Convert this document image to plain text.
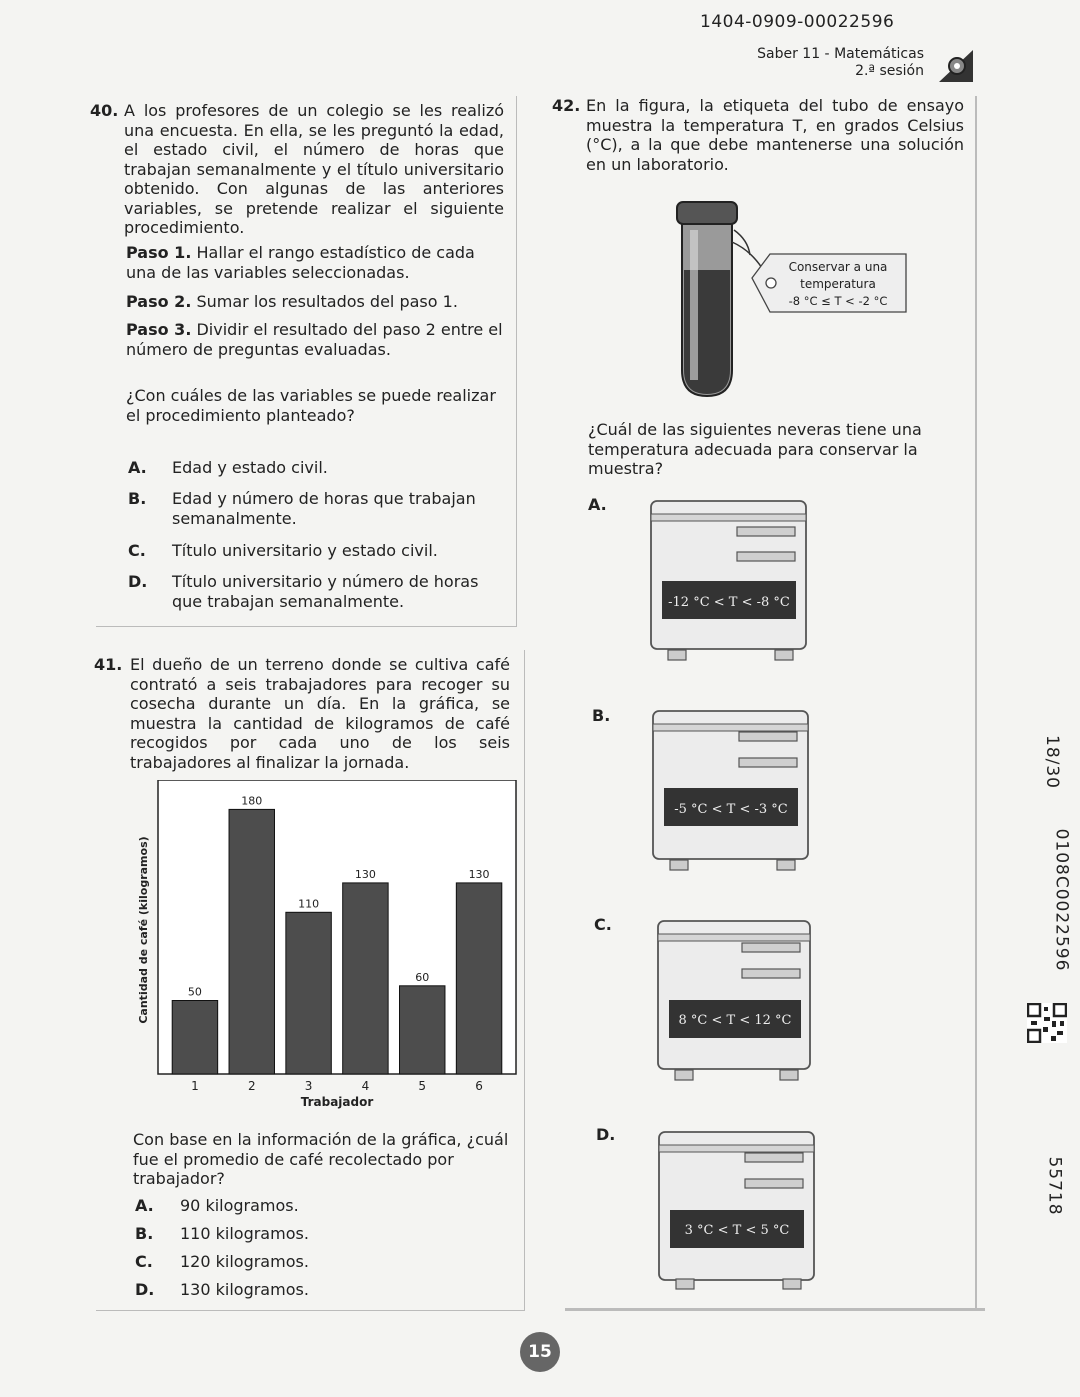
1404-0909-00022596
Saber 11 - Matemáticas
2.ª sesión
40. A los profesores de un colegio se les realizó una encuesta. En ella, se les preguntó la edad, el estado civil, el número de horas que trabajan semanalmente y el título universitario obtenido. Con algunas de las anteriores variables, se pretende realizar el siguiente procedimiento.
Paso 1. Hallar el rango estadístico de cada una de las variables seleccionadas.
Paso 2. Sumar los resultados del paso 1.
Paso 3. Dividir el resultado del paso 2 entre el número de preguntas evaluadas.
¿Con cuáles de las variables se puede realizar el procedimiento planteado?
A. Edad y estado civil.
B. Edad y número de horas que trabajan semanalmente.
C. Título universitario y estado civil.
D. Título universitario y número de horas que trabajan semanalmente.
41. El dueño de un terreno donde se cultiva café contrató a seis trabajadores para recoger su cosecha durante un día. En la gráfica, se muestra la cantidad de kilogramos de café recogidos por cada uno de los seis trabajadores al finalizar la jornada.
50
1
180
2
110
3
130
4
60
5
130
6
Cantidad de café (kilogramos)
Trabajador
Con base en la información de la gráfica, ¿cuál fue el promedio de café recolectado por trabajador?
A. 90 kilogramos.
B. 110 kilogramos.
C. 120 kilogramos.
D. 130 kilogramos.
42. En la figura, la etiqueta del tubo de ensayo muestra la temperatura T, en grados Celsius (°C), a la que debe mantenerse una solución en un laboratorio.
Conservar a una
temperatura
-8 °C ≤ T < -2 °C
¿Cuál de las siguientes neveras tiene una temperatura adecuada para conservar la muestra?
A.
-12 °C < T < -8 °C
B.
-5 °C < T < -3 °C
C.
8 °C < T < 12 °C
D.
3 °C < T < 5 °C
18/30
0108C0022596
55718
15
